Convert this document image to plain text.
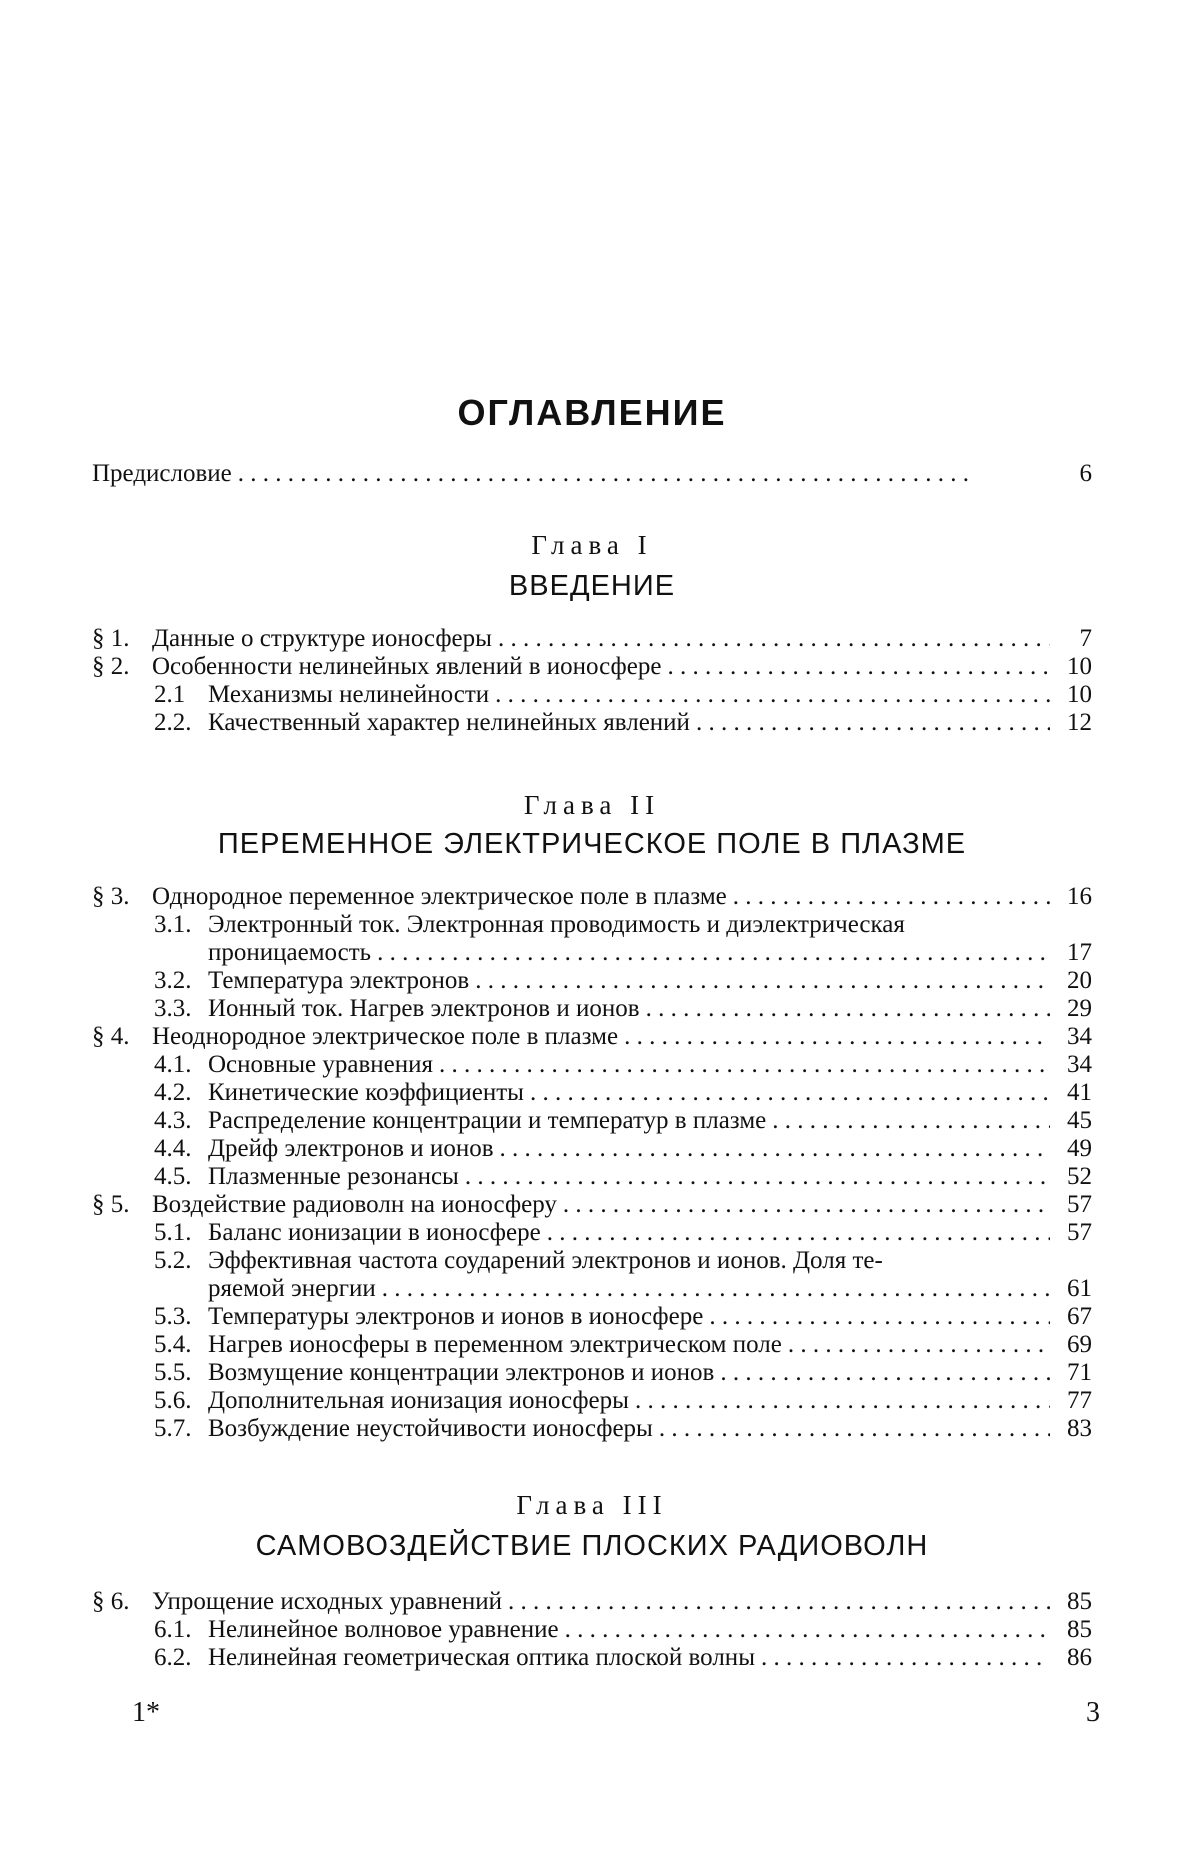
ОГЛАВЛЕНИЕ
Предисловие
. . .	6
Глава I
ВВЕДЕНИЕ
§ 1. Данные о структуре ионосферы
. . .	7
§ 2. Особенности нелинейных явлений в ионосфере
. . .	10
2.1 Механизмы нелинейности
. . .	10
2.2. Качественный характер нелинейных явлений
. . .	12
Глава II
ПЕРЕМЕННОЕ ЭЛЕКТРИЧЕСКОЕ ПОЛЕ В ПЛАЗМЕ
§ 3. Однородное переменное электрическое поле в плазме
. . .	16
3.1. Электронный ток. Электронная проводимость и диэлектрическая
проницаемость
. . .	17
3.2. Температура электронов
. . .	20
3.3. Ионный ток. Нагрев электронов и ионов
. . .	29
§ 4. Неоднородное электрическое поле в плазме
. . .	34
4.1. Основные уравнения
. . .	34
4.2. Кинетические коэффициенты
. . .	41
4.3. Распределение концентрации и температур в плазме
. . .	45
4.4. Дрейф электронов и ионов
. . .	49
4.5. Плазменные резонансы
. . .	52
§ 5. Воздействие радиоволн на ионосферу
. . .	57
5.1. Баланс ионизации в ионосфере
. . .	57
5.2. Эффективная частота соударений электронов и ионов. Доля те-
ряемой энергии
. . .	61
5.3. Температуры электронов и ионов в ионосфере
. . .	67
5.4. Нагрев ионосферы в переменном электрическом поле
. . .	69
5.5. Возмущение концентрации электронов и ионов
. . .	71
5.6. Дополнительная ионизация ионосферы
. . .	77
5.7. Возбуждение неустойчивости ионосферы
. . .	83
Глава III
САМОВОЗДЕЙСТВИЕ ПЛОСКИХ РАДИОВОЛН
§ 6. Упрощение исходных уравнений
. . .	85
6.1. Нелинейное волновое уравнение
. . .	85
6.2. Нелинейная геометрическая оптика плоской волны
. . .	86
1*	3
